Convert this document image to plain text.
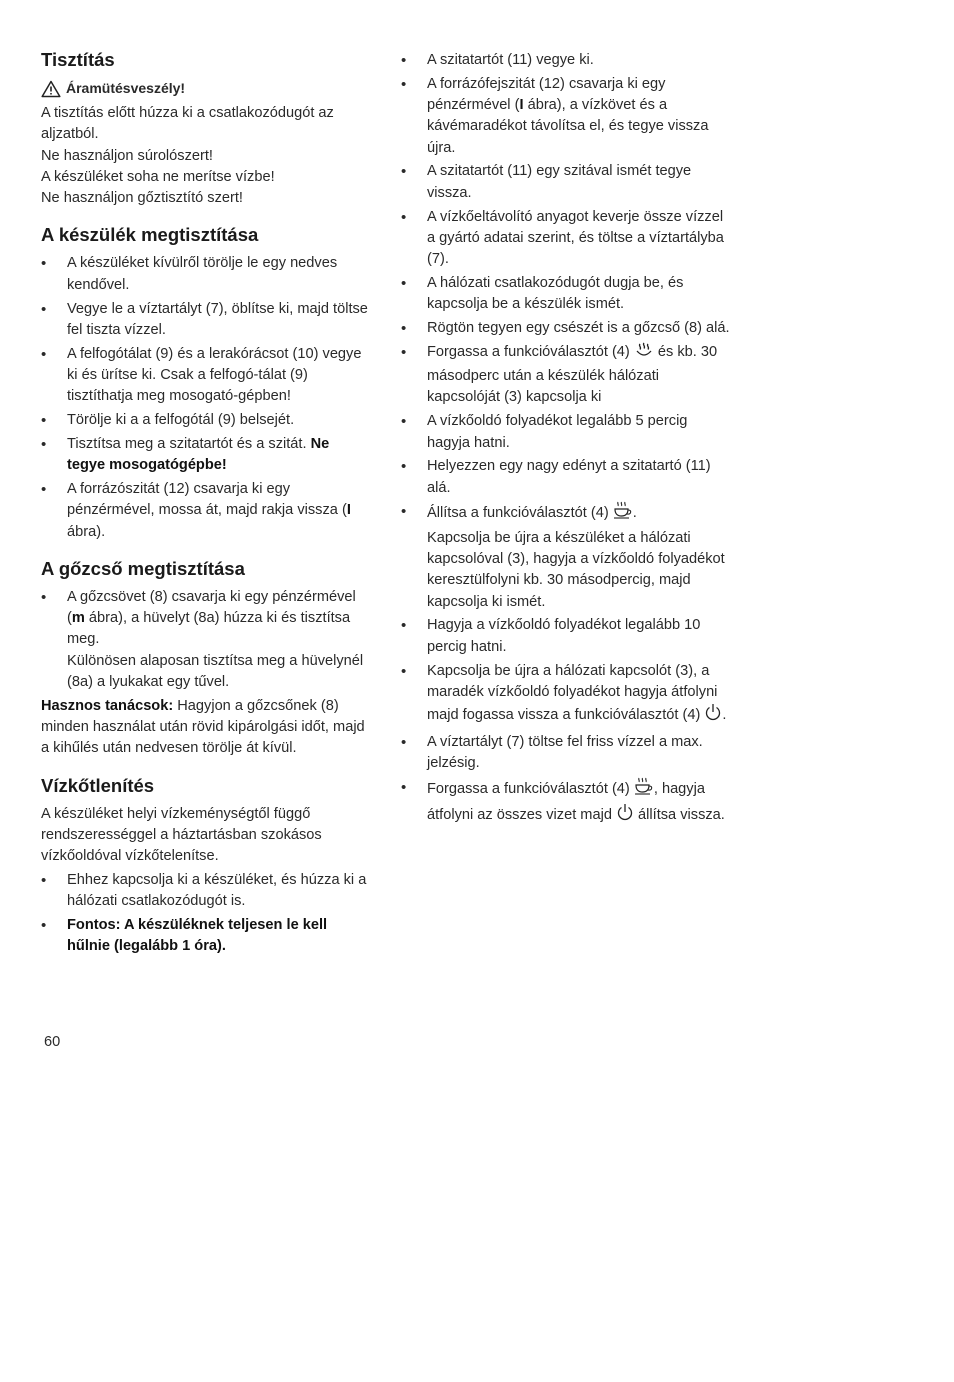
Tisztítás
Áramütésveszély!

A tisztítás előtt húzza ki a csatlakozódugót az aljzatból.

Ne használjon súrolószert!

A készüléket soha ne merítse vízbe!

Ne használjon gőztisztító szert!

A készülék megtisztítása
• A készüléket kívülről törölje le egy nedves kendővel.
• Vegye le a víztartályt (7), öblítse ki, majd töltse fel tiszta vízzel.
• A felfogótálat (9) és a lerakórácsot (10) vegye ki és ürítse ki. Csak a felfogó-tálat (9) tisztíthatja meg mosogató-gépben!
• Törölje ki a a felfogótál (9) belsejét.
• Tisztítsa meg a szitatartót és a szitát. Ne tegye mosogatógépbe!
• A forrázószitát (12) csavarja ki egy pénzérmével, mossa át, majd rakja vissza (I ábra).
A gőzcső megtisztítása
• A gőzcsövet (8) csavarja ki egy pénzérmével (m ábra), a hüvelyt (8a) húzza ki és tisztítsa meg.
Különösen alaposan tisztítsa meg a hüvelynél (8a) a lyukakat egy tűvel.

Hasznos tanácsok: Hagyjon a gőzcsőnek (8) minden használat után rövid kipárolgási időt, majd a kihűlés után nedvesen törölje át kívül.

Vízkőtlenítés

A készüléket helyi vízkeménységtől függő rendszerességgel a háztartásban szokásos vízkőoldóval vízkőtelenítse.

• Ehhez kapcsolja ki a készüléket, és húzza ki a hálózati csatlakozódugót is.
• Fontos: A készüléknek teljesen le kell hűlnie (legalább 1 óra).
• A szitatartót (11) vegye ki.
• A forrázófejszitát (12) csavarja ki egy pénzérmével (I ábra), a vízkövet és a kávémaradékot távolítsa el, és tegye vissza újra.
• A szitatartót (11) egy szitával ismét tegye vissza.
• A vízkőeltávolító anyagot keverje össze vízzel a gyártó adatai szerint, és töltse a víztartályba (7).
• A hálózati csatlakozódugót dugja be, és kapcsolja be a készülék ismét.
• Rögtön tegyen egy csészét is a gőzcső (8) alá.
• Forgassa a funkcióválasztót (4)  és kb. 30 másodperc után a készülék hálózati kapcsolóját (3) kapcsolja ki
• A vízkőoldó folyadékot legalább 5 percig hagyja hatni.
• Helyezzen egy nagy edényt a szitatartó (11) alá.
• Állítsa a funkcióválasztót (4) .
Kapcsolja be újra a készüléket a hálózati kapcsolóval (3), hagyja a vízkőoldó folyadékot keresztülfolyni kb. 30 másodpercig, majd kapcsolja ki ismét.
• Hagyja a vízkőoldó folyadékot legalább 10 percig hatni.
• Kapcsolja be újra a hálózati kapcsolót (3), a maradék vízkőoldó folyadékot hagyja átfolyni majd fogassa vissza a funkcióválasztót (4) .
• A víztartályt (7) töltse fel friss vízzel a max. jelzésig.
• Forgassa a funkcióválasztót (4) , hagyja átfolyni az összes vizet majd  állítsa vissza.
60
